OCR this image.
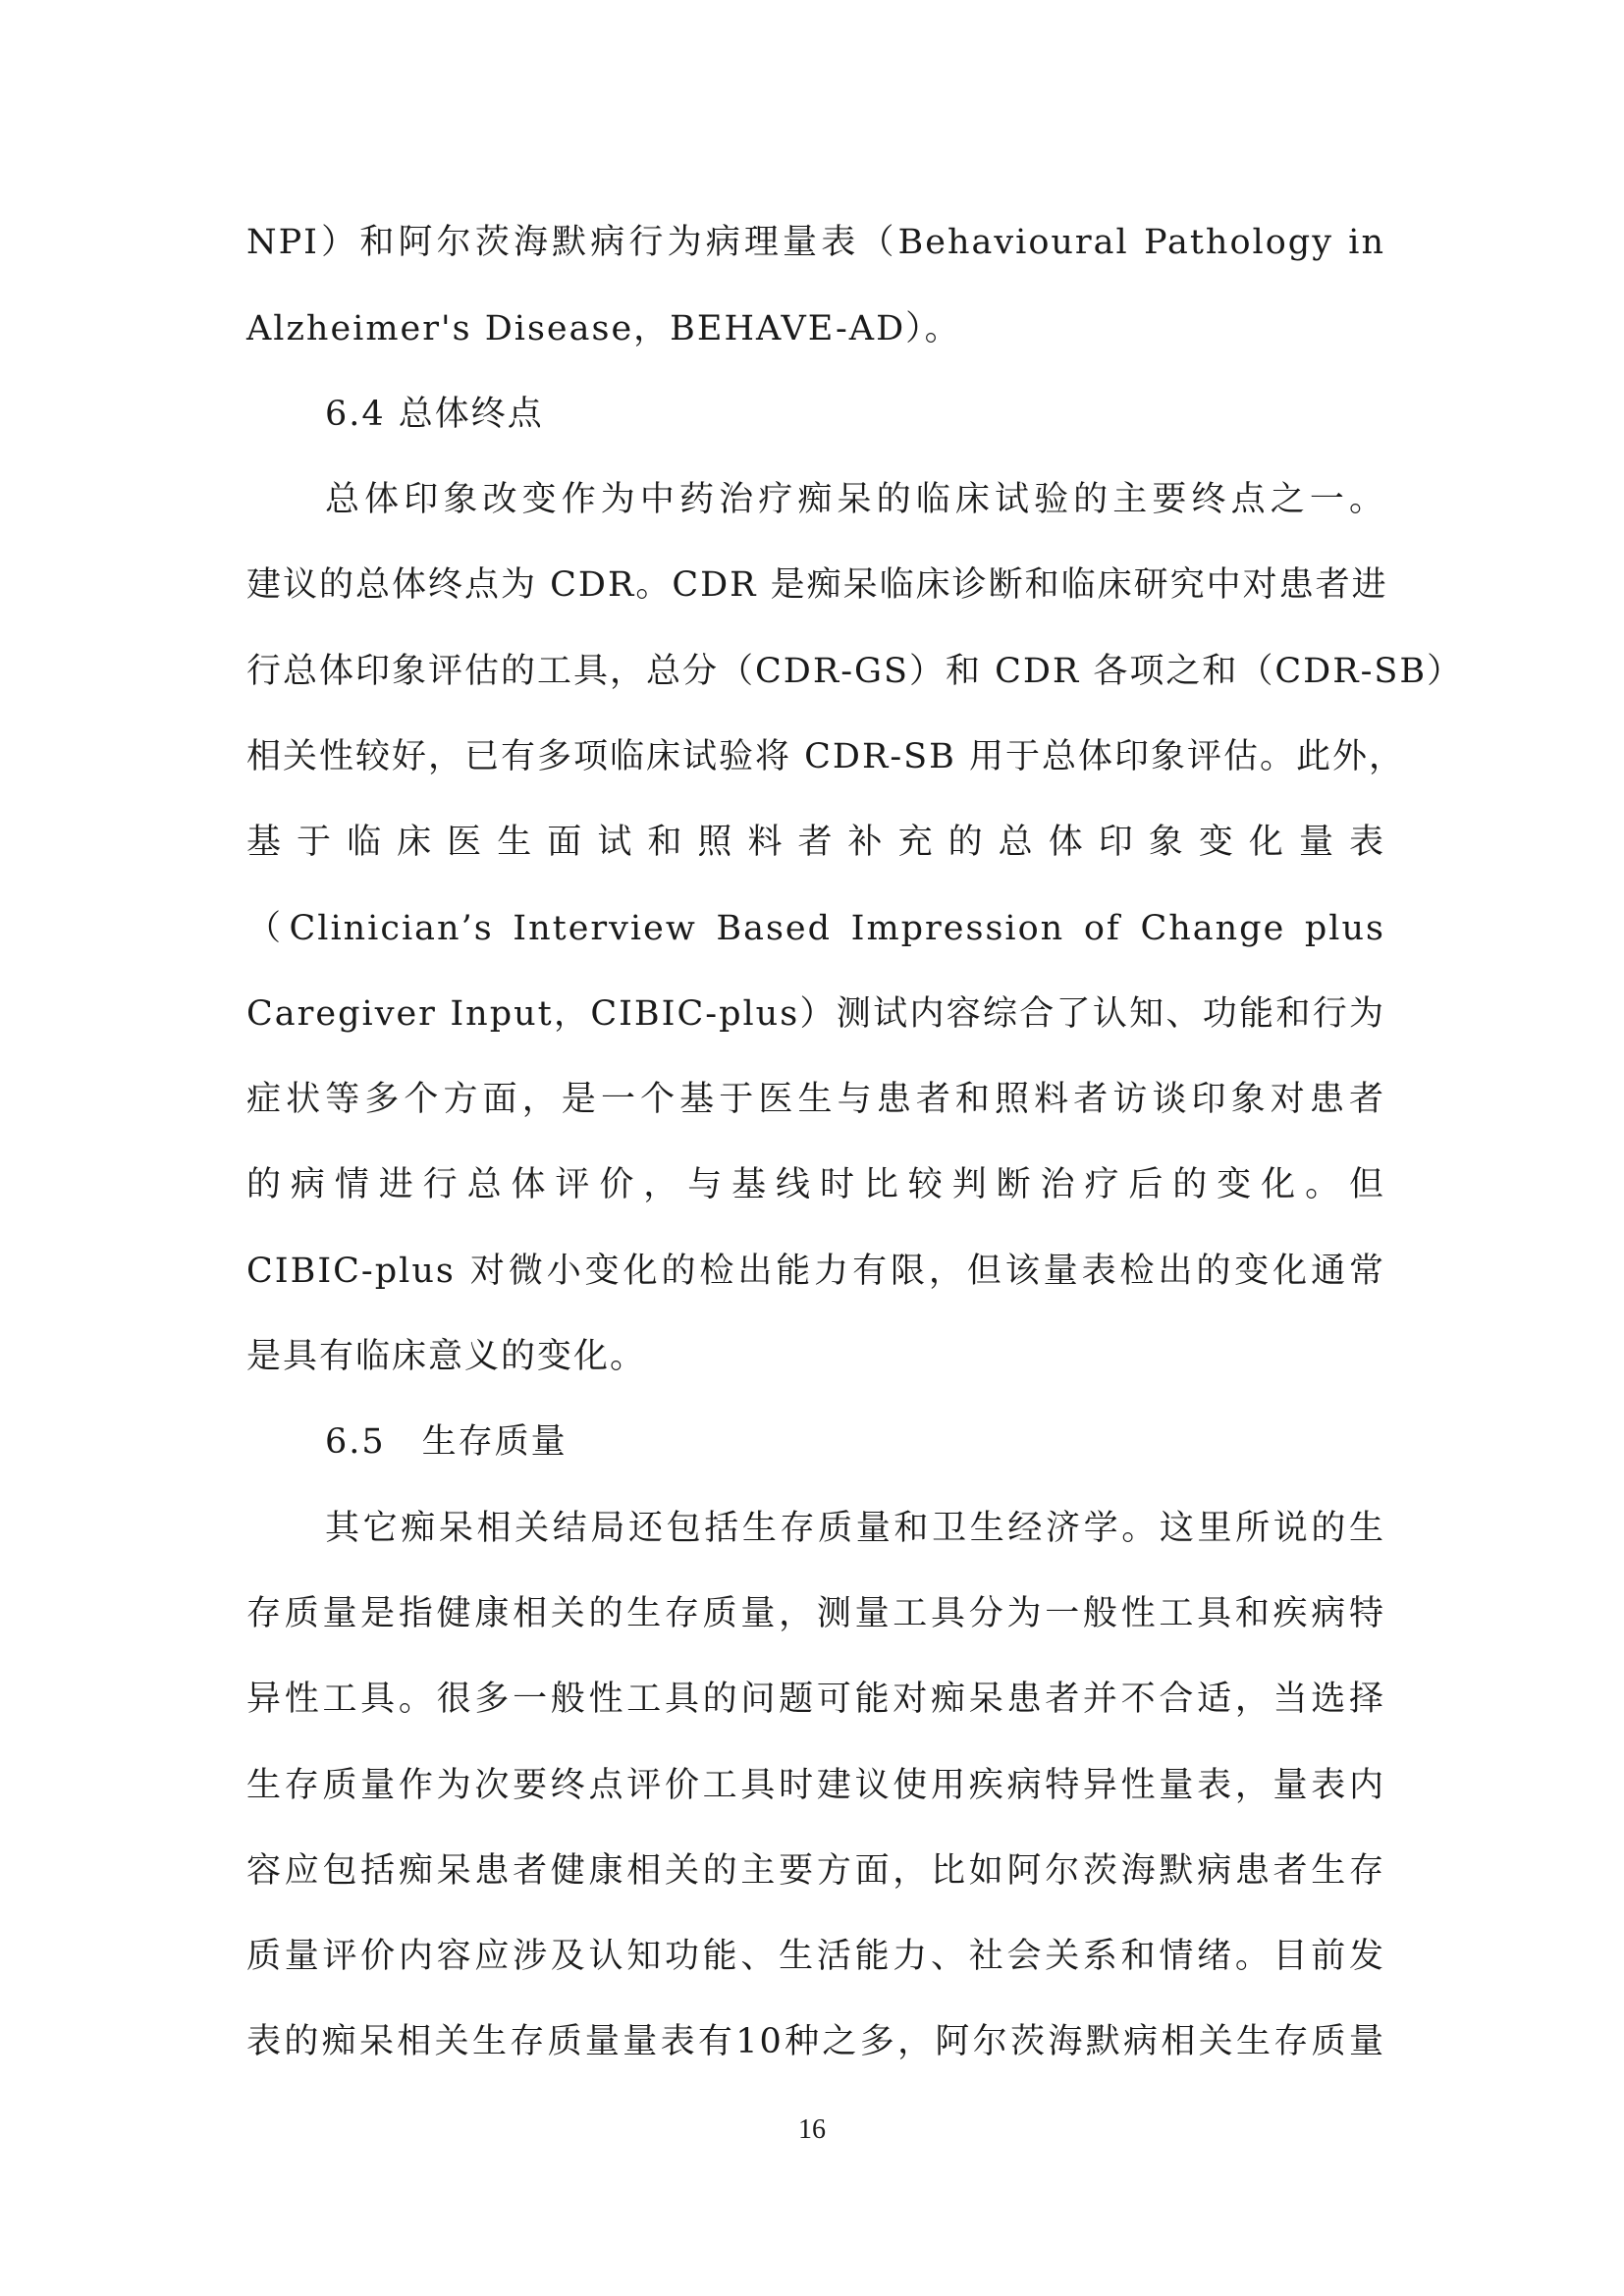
NPI）和阿尔茨海默病行为病理量表（Behavioural Pathology in

Alzheimer's Disease，BEHAVE-AD）。

6.4 总体终点

总体印象改变作为中药治疗痴呆的临床试验的主要终点之一。

建议的总体终点为 CDR。CDR 是痴呆临床诊断和临床研究中对患者进

行总体印象评估的工具，总分（CDR-GS）和 CDR 各项之和（CDR-SB）

相关性较好，已有多项临床试验将 CDR-SB 用于总体印象评估。此外，

基于临床医生面试和照料者补充的总体印象变化量表

（Clinician’s Interview Based Impression of Change plus

Caregiver Input，CIBIC-plus）测试内容综合了认知、功能和行为

症状等多个方面，是一个基于医生与患者和照料者访谈印象对患者

的病情进行总体评价，与基线时比较判断治疗后的变化。但

CIBIC-plus 对微小变化的检出能力有限，但该量表检出的变化通常

是具有临床意义的变化。

6.5　生存质量

其它痴呆相关结局还包括生存质量和卫生经济学。这里所说的生

存质量是指健康相关的生存质量，测量工具分为一般性工具和疾病特

异性工具。很多一般性工具的问题可能对痴呆患者并不合适，当选择

生存质量作为次要终点评价工具时建议使用疾病特异性量表，量表内

容应包括痴呆患者健康相关的主要方面，比如阿尔茨海默病患者生存

质量评价内容应涉及认知功能、生活能力、社会关系和情绪。目前发

表的痴呆相关生存质量量表有10种之多，阿尔茨海默病相关生存质量

16
